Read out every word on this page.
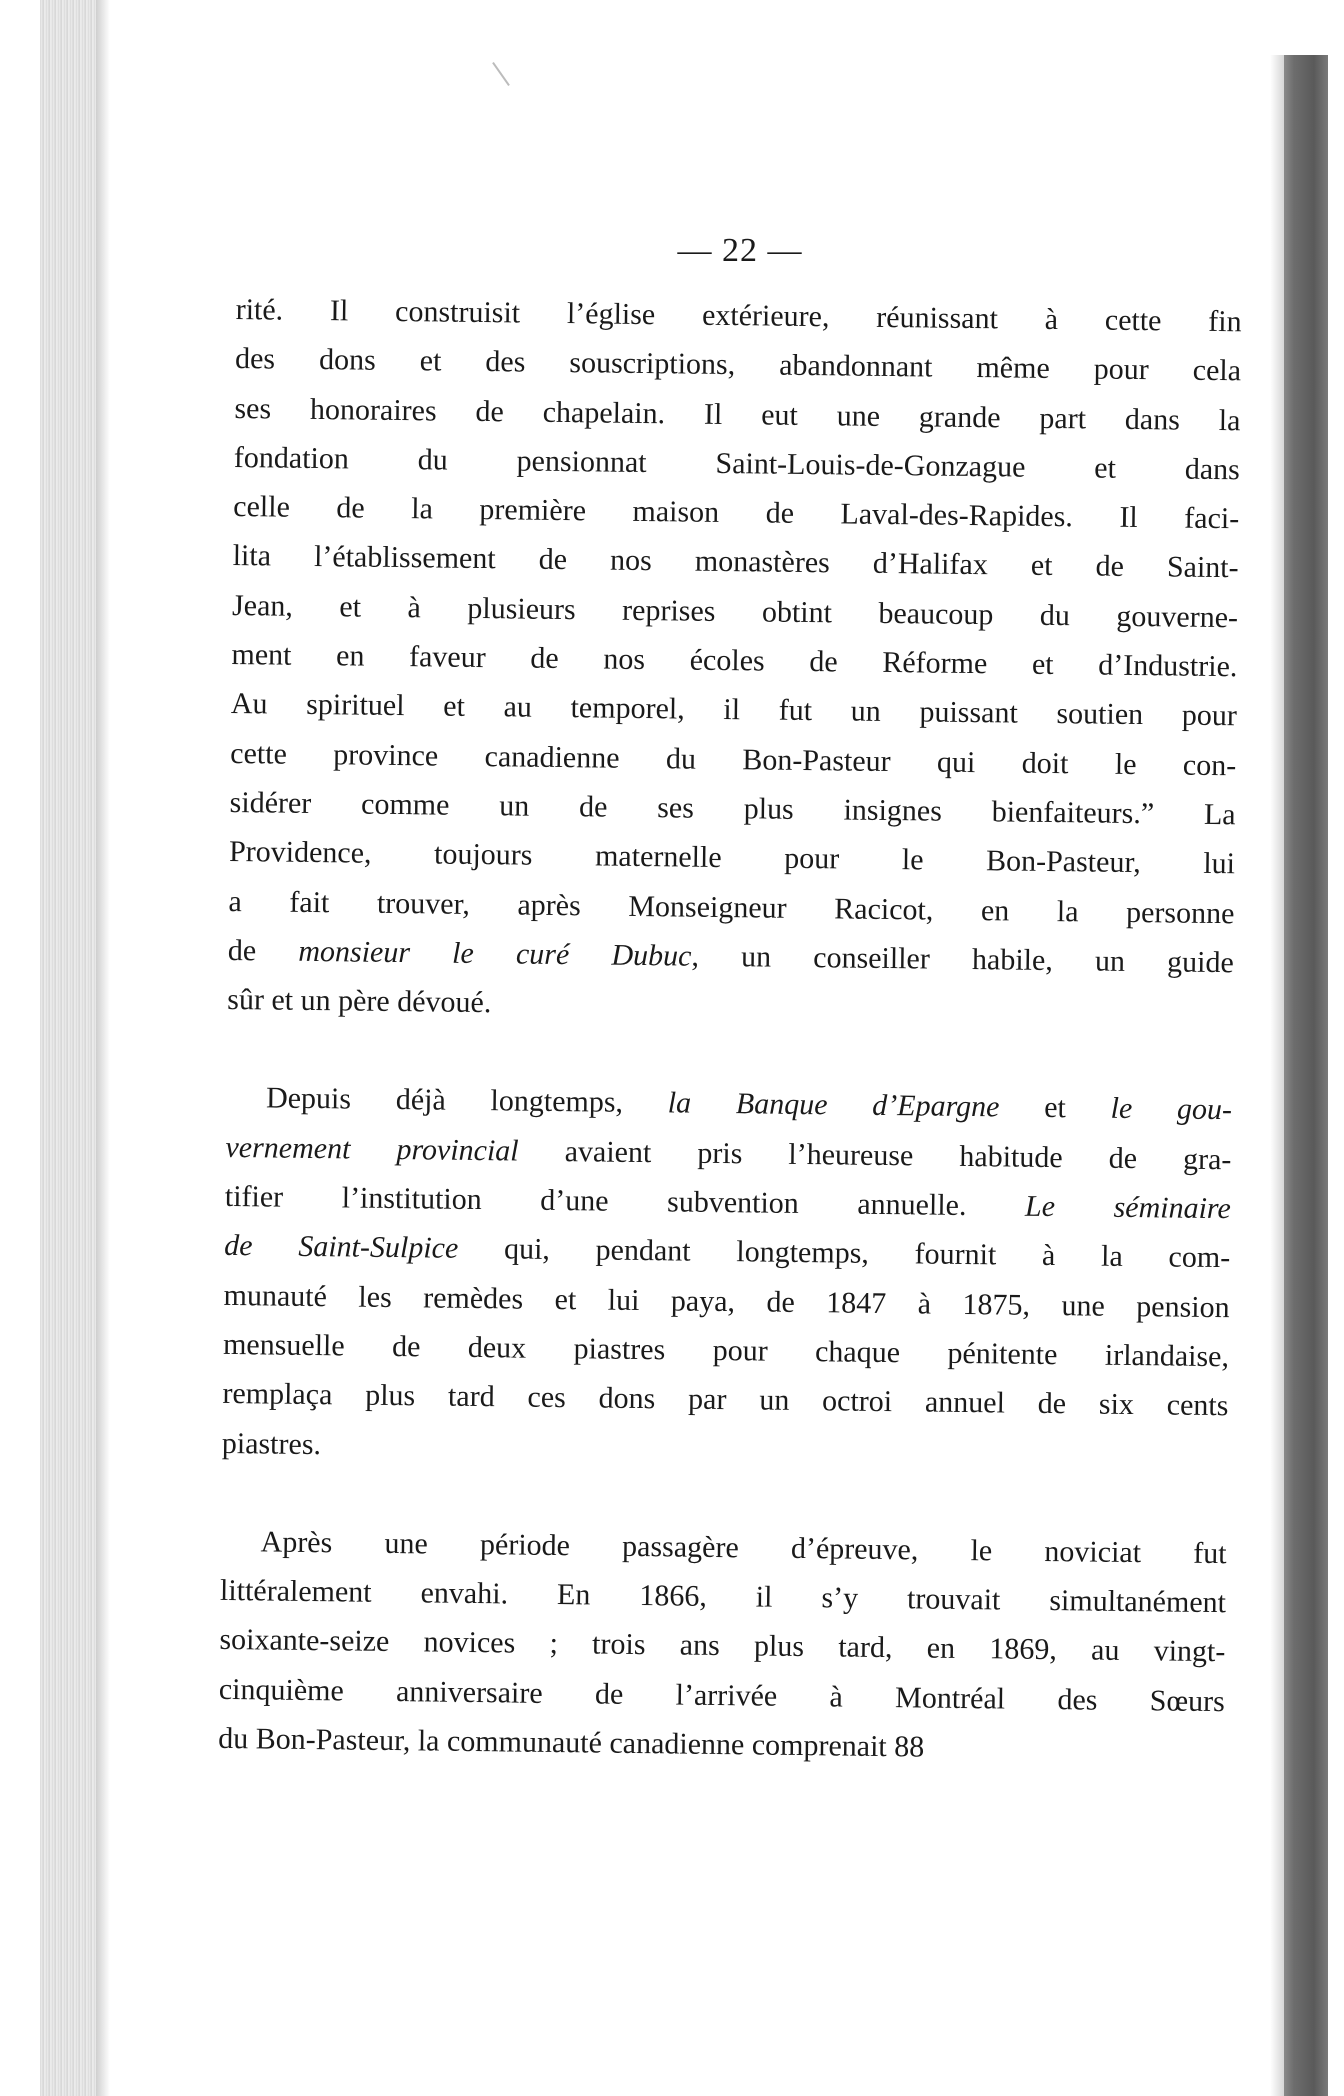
— 22 —
rité. Il construisit l’église extérieure, réunissant à cette fin
des dons et des souscriptions, abandonnant même pour cela
ses honoraires de chapelain. Il eut une grande part dans la
fondation du pensionnat Saint-Louis-de-Gonzague et dans
celle de la première maison de Laval-des-Rapides. Il faci-
lita l’établissement de nos monastères d’Halifax et de Saint-
Jean, et à plusieurs reprises obtint beaucoup du gouverne-
ment en faveur de nos écoles de Réforme et d’Industrie.
Au spirituel et au temporel, il fut un puissant soutien pour
cette province canadienne du Bon-Pasteur qui doit le con-
sidérer comme un de ses plus insignes bienfaiteurs.” La
Providence, toujours maternelle pour le Bon-Pasteur, lui
a fait trouver, après Monseigneur Racicot, en la personne
de monsieur le curé Dubuc, un conseiller habile, un guide
sûr et un père dévoué.
Depuis déjà longtemps, la Banque d’Epargne et le gou-
vernement provincial avaient pris l’heureuse habitude de gra-
tifier l’institution d’une subvention annuelle. Le séminaire
de Saint-Sulpice qui, pendant longtemps, fournit à la com-
munauté les remèdes et lui paya, de 1847 à 1875, une pension
mensuelle de deux piastres pour chaque pénitente irlandaise,
remplaça plus tard ces dons par un octroi annuel de six cents
piastres.
Après une période passagère d’épreuve, le noviciat fut
littéralement envahi. En 1866, il s’y trouvait simultanément
soixante-seize novices ; trois ans plus tard, en 1869, au vingt-
cinquième anniversaire de l’arrivée à Montréal des Sœurs
du Bon-Pasteur, la communauté canadienne comprenait 88
